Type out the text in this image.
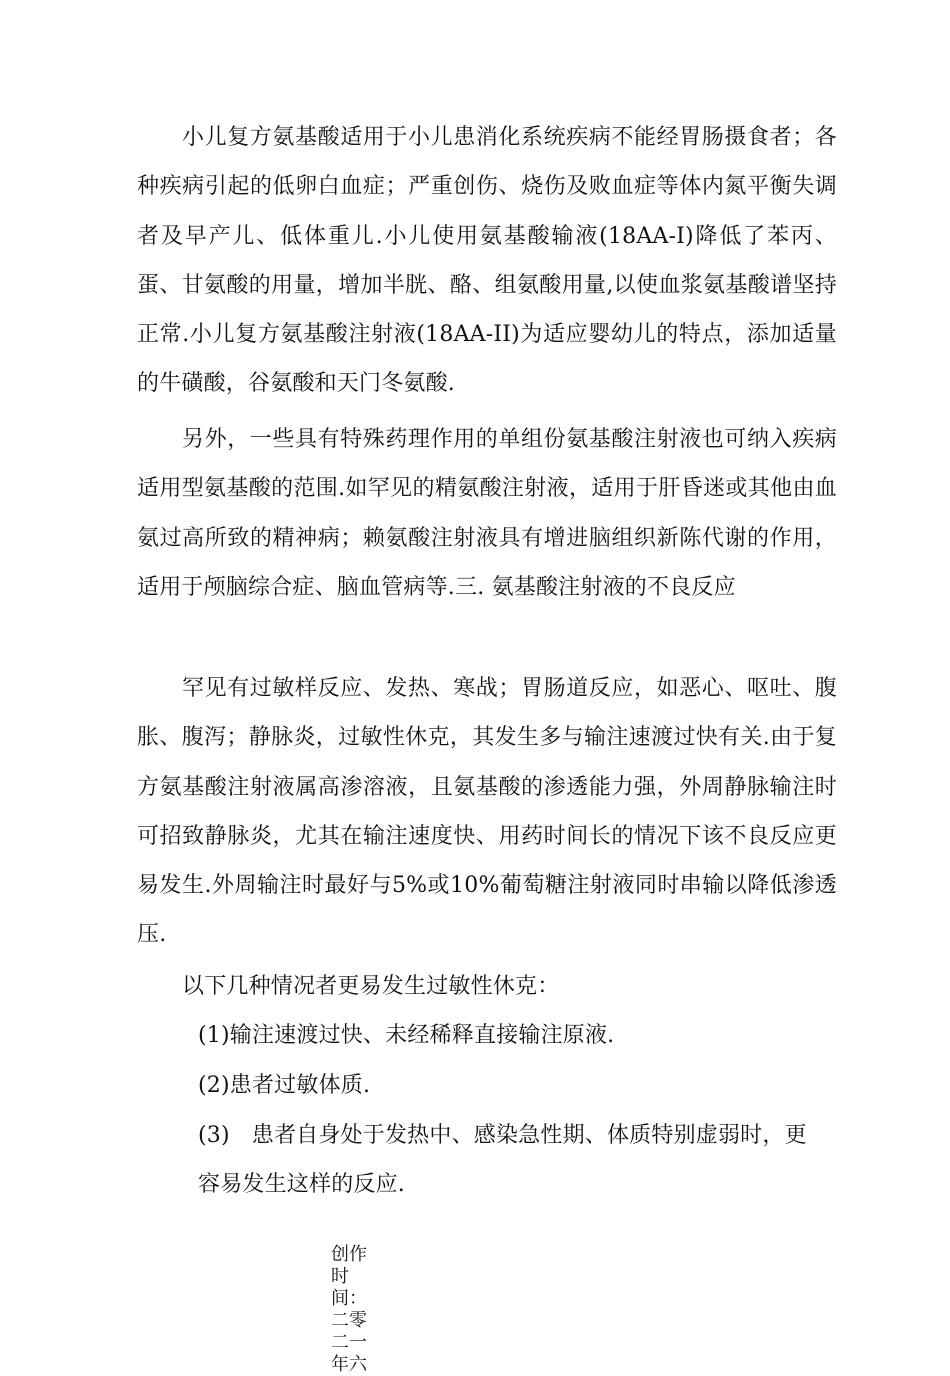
小儿复方氨基酸适用于小儿患消化系统疾病不能经胃肠摄食者；各种疾病引起的低卵白血症；严重创伤、烧伤及败血症等体内氮平衡失调者及早产儿、低体重儿.小儿使用氨基酸输液(18AA-I)降低了苯丙、蛋、甘氨酸的用量，增加半胱、酪、组氨酸用量,以使血浆氨基酸谱坚持正常.小儿复方氨基酸注射液(18AA-II)为适应婴幼儿的特点，添加适量的牛磺酸，谷氨酸和天门冬氨酸.

另外，一些具有特殊药理作用的单组份氨基酸注射液也可纳入疾病适用型氨基酸的范围.如罕见的精氨酸注射液，适用于肝昏迷或其他由血氨过高所致的精神病；赖氨酸注射液具有增进脑组织新陈代谢的作用，适用于颅脑综合症、脑血管病等.三. 氨基酸注射液的不良反应

罕见有过敏样反应、发热、寒战；胃肠道反应，如恶心、呕吐、腹胀、腹泻；静脉炎，过敏性休克，其发生多与输注速渡过快有关.由于复方氨基酸注射液属高渗溶液，且氨基酸的渗透能力强，外周静脉输注时可招致静脉炎，尤其在输注速度快、用药时间长的情况下该不良反应更易发生.外周输注时最好与5%或10%葡萄糖注射液同时串输以降低渗透压.

以下几种情况者更易发生过敏性休克：

(1)输注速渡过快、未经稀释直接输注原液.

(2)患者过敏体质.

(3) 患者自身处于发热中、感染急性期、体质特别虚弱时，更容易发生这样的反应.

创作时间：二零二一年六
